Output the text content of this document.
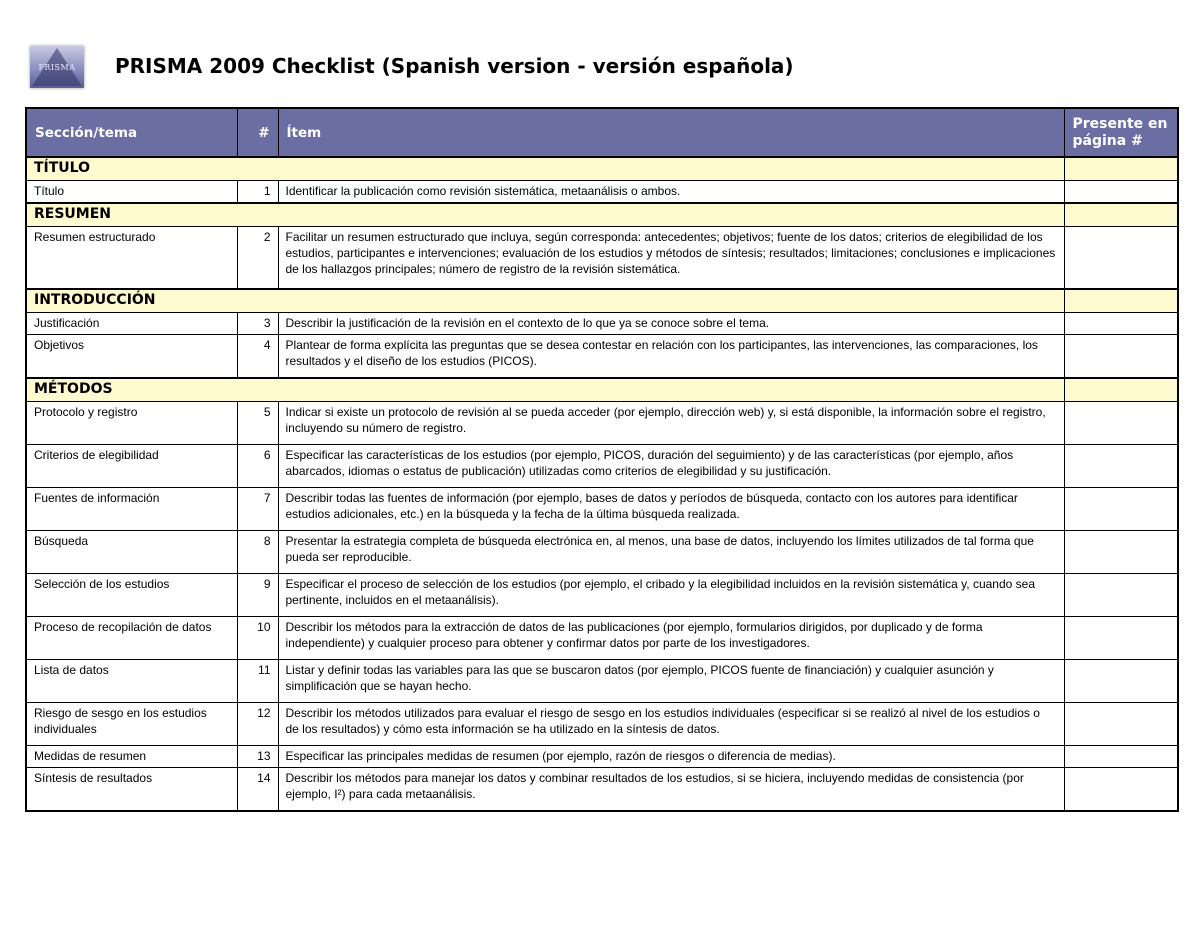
PRISMA	PRISMA 2009 Checklist (Spanish version - versión española)
Sección/tema	#	Ítem	Presente en página #
TÍTULO			
Título	1	Identificar la publicación como revisión sistemática, metaanálisis o ambos.	
RESUMEN			
Resumen estructurado	2	Facilitar un resumen estructurado que incluya, según corresponda: antecedentes; objetivos; fuente de los datos; criterios de elegibilidad de los estudios, participantes e intervenciones; evaluación de los estudios y métodos de síntesis; resultados; limitaciones; conclusiones e implicaciones de los hallazgos principales; número de registro de la revisión sistemática.	
INTRODUCCIÓN			
Justificación	3	Describir la justificación de la revisión en el contexto de lo que ya se conoce sobre el tema.	
Objetivos	4	Plantear de forma explícita las preguntas que se desea contestar en relación con los participantes, las intervenciones, las comparaciones, los resultados y el diseño de los estudios (PICOS).	
MÉTODOS			
Protocolo y registro	5	Indicar si existe un protocolo de revisión al se pueda acceder (por ejemplo, dirección web) y, si está disponible, la información sobre el registro, incluyendo su número de registro.	
Criterios de elegibilidad	6	Especificar las características de los estudios (por ejemplo, PICOS, duración del seguimiento) y de las características (por ejemplo, años abarcados, idiomas o estatus de publicación) utilizadas como criterios de elegibilidad y su justificación.	
Fuentes de información	7	Describir todas las fuentes de información (por ejemplo, bases de datos y períodos de búsqueda, contacto con los autores para identificar estudios adicionales, etc.) en la búsqueda y la fecha de la última búsqueda realizada.	
Búsqueda	8	Presentar la estrategia completa de búsqueda electrónica en, al menos, una base de datos, incluyendo los límites utilizados de tal forma que pueda ser reproducible.	
Selección de los estudios	9	Especificar el proceso de selección de los estudios (por ejemplo, el cribado y la elegibilidad incluidos en la revisión sistemática y, cuando sea pertinente, incluidos en el metaanálisis).	
Proceso de recopilación de datos	10	Describir los métodos para la extracción de datos de las publicaciones (por ejemplo, formularios dirigidos, por duplicado y de forma independiente) y cualquier proceso para obtener y confirmar datos por parte de los investigadores.	
Lista de datos	11	Listar y definir todas las variables para las que se buscaron datos (por ejemplo, PICOS fuente de financiación) y cualquier asunción y simplificación que se hayan hecho.	
Riesgo de sesgo en los estudios individuales	12	Describir los métodos utilizados para evaluar el riesgo de sesgo en los estudios individuales (especificar si se realizó al nivel de los estudios o de los resultados) y cómo esta información se ha utilizado en la síntesis de datos.	
Medidas de resumen	13	Especificar las principales medidas de resumen (por ejemplo, razón de riesgos o diferencia de medias).	
Síntesis de resultados	14	Describir los métodos para manejar los datos y combinar resultados de los estudios, si se hiciera, incluyendo medidas de consistencia (por ejemplo, I²) para cada metaanálisis.	
